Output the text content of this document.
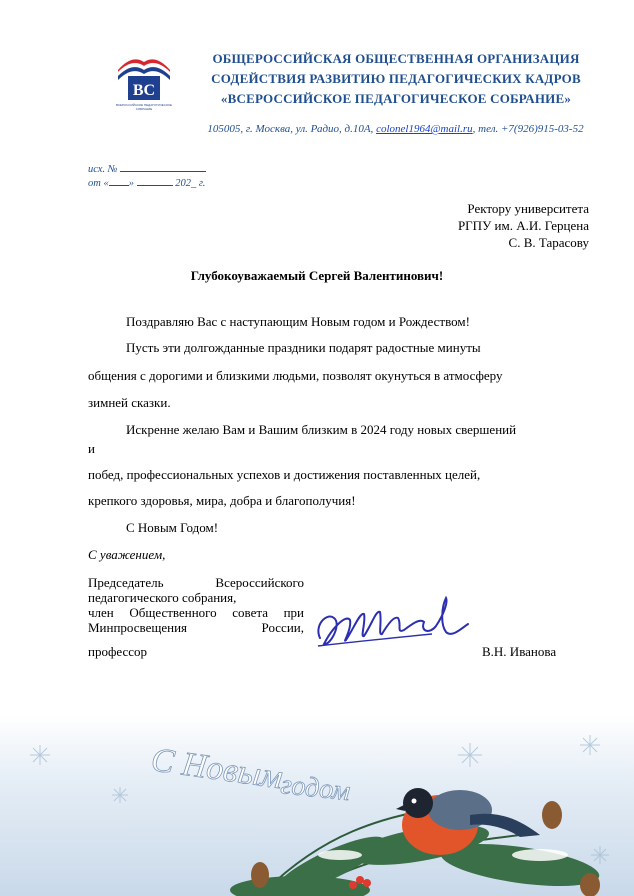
ВС
ВСЕРОССИЙСКОЕ ПЕДАГОГИЧЕСКОЕ
СОБРАНИЕ
ОБЩЕРОССИЙСКАЯ ОБЩЕСТВЕННАЯ ОРГАНИЗАЦИЯ
СОДЕЙСТВИЯ РАЗВИТИЮ ПЕДАГОГИЧЕСКИХ КАДРОВ
«ВСЕРОССИЙСКОЕ ПЕДАГОГИЧЕСКОЕ СОБРАНИЕ»
105005, г. Москва, ул. Радио, д.10А, colonel1964@mail.ru, тел. +7(926)915-03-52
исх. №
от « »	202_ г.
Ректору университета
РГПУ им. А.И. Герцена
С. В. Тарасову
Глубокоуважаемый Сергей Валентинович!
Поздравляю Вас с наступающим Новым годом и Рождеством!
Пусть эти долгожданные праздники подарят радостные минуты
общения с дорогими и близкими людьми, позволят окунуться в атмосферу
зимней сказки.
Искренне желаю Вам и Вашим близким в 2024 году новых свершений
и
побед, профессиональных успехов и достижения поставленных целей,
крепкого здоровья, мира, добра и благополучия!
С Новым Годом!
С уважением,
Председатель Всероссийского
педагогического собрания,
член Общественного совета при
Минпросвещения России,
профессор	В.Н. Иванова
С Новым
годом
